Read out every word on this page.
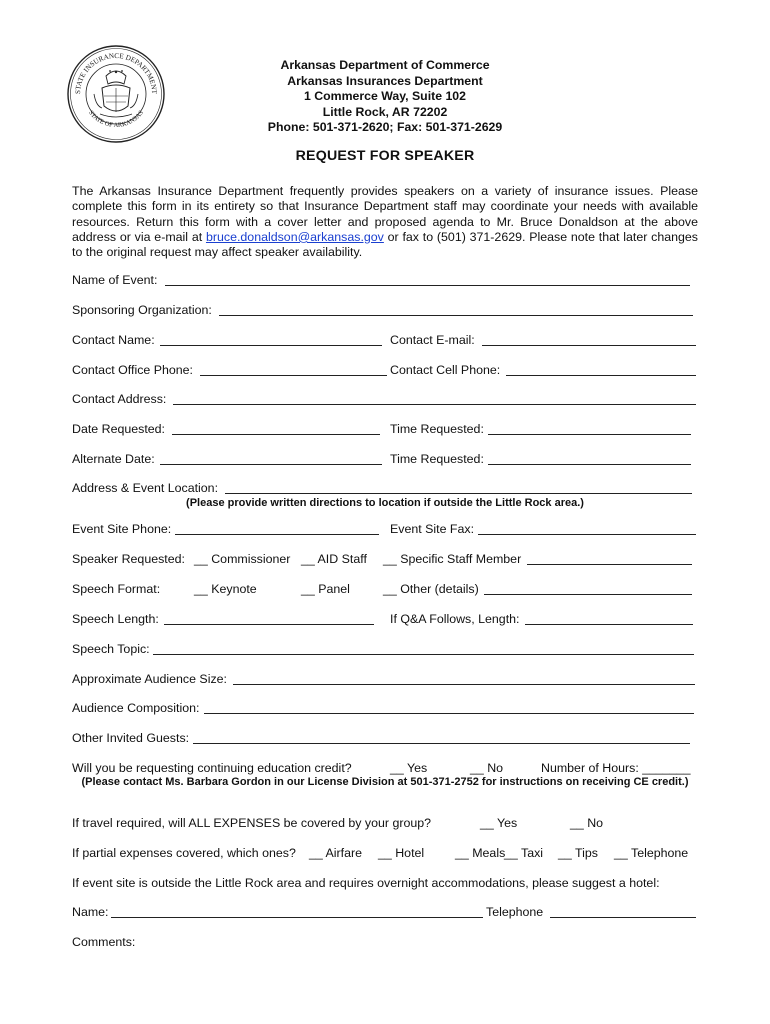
STATE INSURANCE DEPARTMENT
STATE OF ARKANSAS
Arkansas Department of Commerce
Arkansas Insurances Department
1 Commerce Way, Suite 102
Little Rock, AR 72202
Phone: 501-371-2620; Fax: 501-371-2629
REQUEST FOR SPEAKER
The Arkansas Insurance Department frequently provides speakers on a variety of insurance issues. Please complete this form in its entirety so that Insurance Department staff may coordinate your needs with available resources. Return this form with a cover letter and proposed agenda to Mr. Bruce Donaldson at the above address or via e-mail at bruce.donaldson@arkansas.gov or fax to (501) 371-2629. Please note that later changes to the original request may affect speaker availability.
Name of Event:
Sponsoring Organization:
Contact Name:	Contact E-mail:
Contact Office Phone:	Contact Cell Phone:
Contact Address:
Date Requested:	Time Requested:
Alternate Date:	Time Requested:
Address & Event Location:
(Please provide written directions to location if outside the Little Rock area.)
Event Site Phone:	Event Site Fax:
Speaker Requested: __ Commissioner __ AID Staff __ Specific Staff Member
Speech Format:	__ Keynote	__ Panel	__ Other (details)
Speech Length:	If Q&A Follows, Length:
Speech Topic:
Approximate Audience Size:
Audience Composition:
Other Invited Guests:
Will you be requesting continuing education credit?	__ Yes	__ No	Number of Hours: _______
(Please contact Ms. Barbara Gordon in our License Division at 501-371-2752 for instructions on receiving CE credit.)
If travel required, will ALL EXPENSES be covered by your group?	__ Yes	__ No
If partial expenses covered, which ones? __ Airfare __ Hotel __ Meals
__ Taxi __ Tips __ Telephone
If event site is outside the Little Rock area and requires overnight accommodations, please suggest a hotel:
Name:	Telephone
Comments:
